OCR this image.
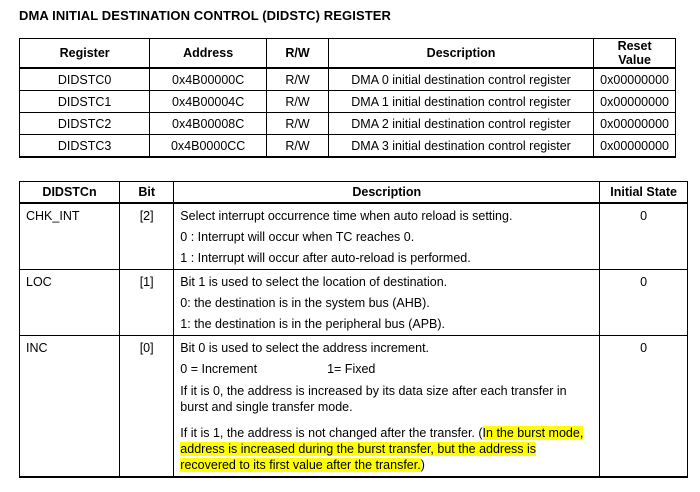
DMA INITIAL DESTINATION CONTROL (DIDSTC) REGISTER
Register	Address	R/W	Description	Reset Value
DIDSTC0	0x4B00000C	R/W	DMA 0 initial destination control register	0x00000000
DIDSTC1	0x4B00004C	R/W	DMA 1 initial destination control register	0x00000000
DIDSTC2	0x4B00008C	R/W	DMA 2 initial destination control register	0x00000000
DIDSTC3	0x4B0000CC	R/W	DMA 3 initial destination control register	0x00000000
DIDSTCn	Bit	Description	Initial State
CHK_INT	[2]	Select interrupt occurrence time when auto reload is setting.
0 : Interrupt will occur when TC reaches 0.
1 : Interrupt will occur after auto-reload is performed.	0
LOC	[1]	Bit 1 is used to select the location of destination.
0: the destination is in the system bus (AHB).
1: the destination is in the peripheral bus (APB).	0
INC	[0]	Bit 0 is used to select the address increment.
0 = Increment 1= Fixed
If it is 0, the address is increased by its data size after each transfer in burst and single transfer mode.
If it is 1, the address is not changed after the transfer. (In the burst mode, address is increased during the burst transfer, but the address is recovered to its first value after the transfer.)	0
